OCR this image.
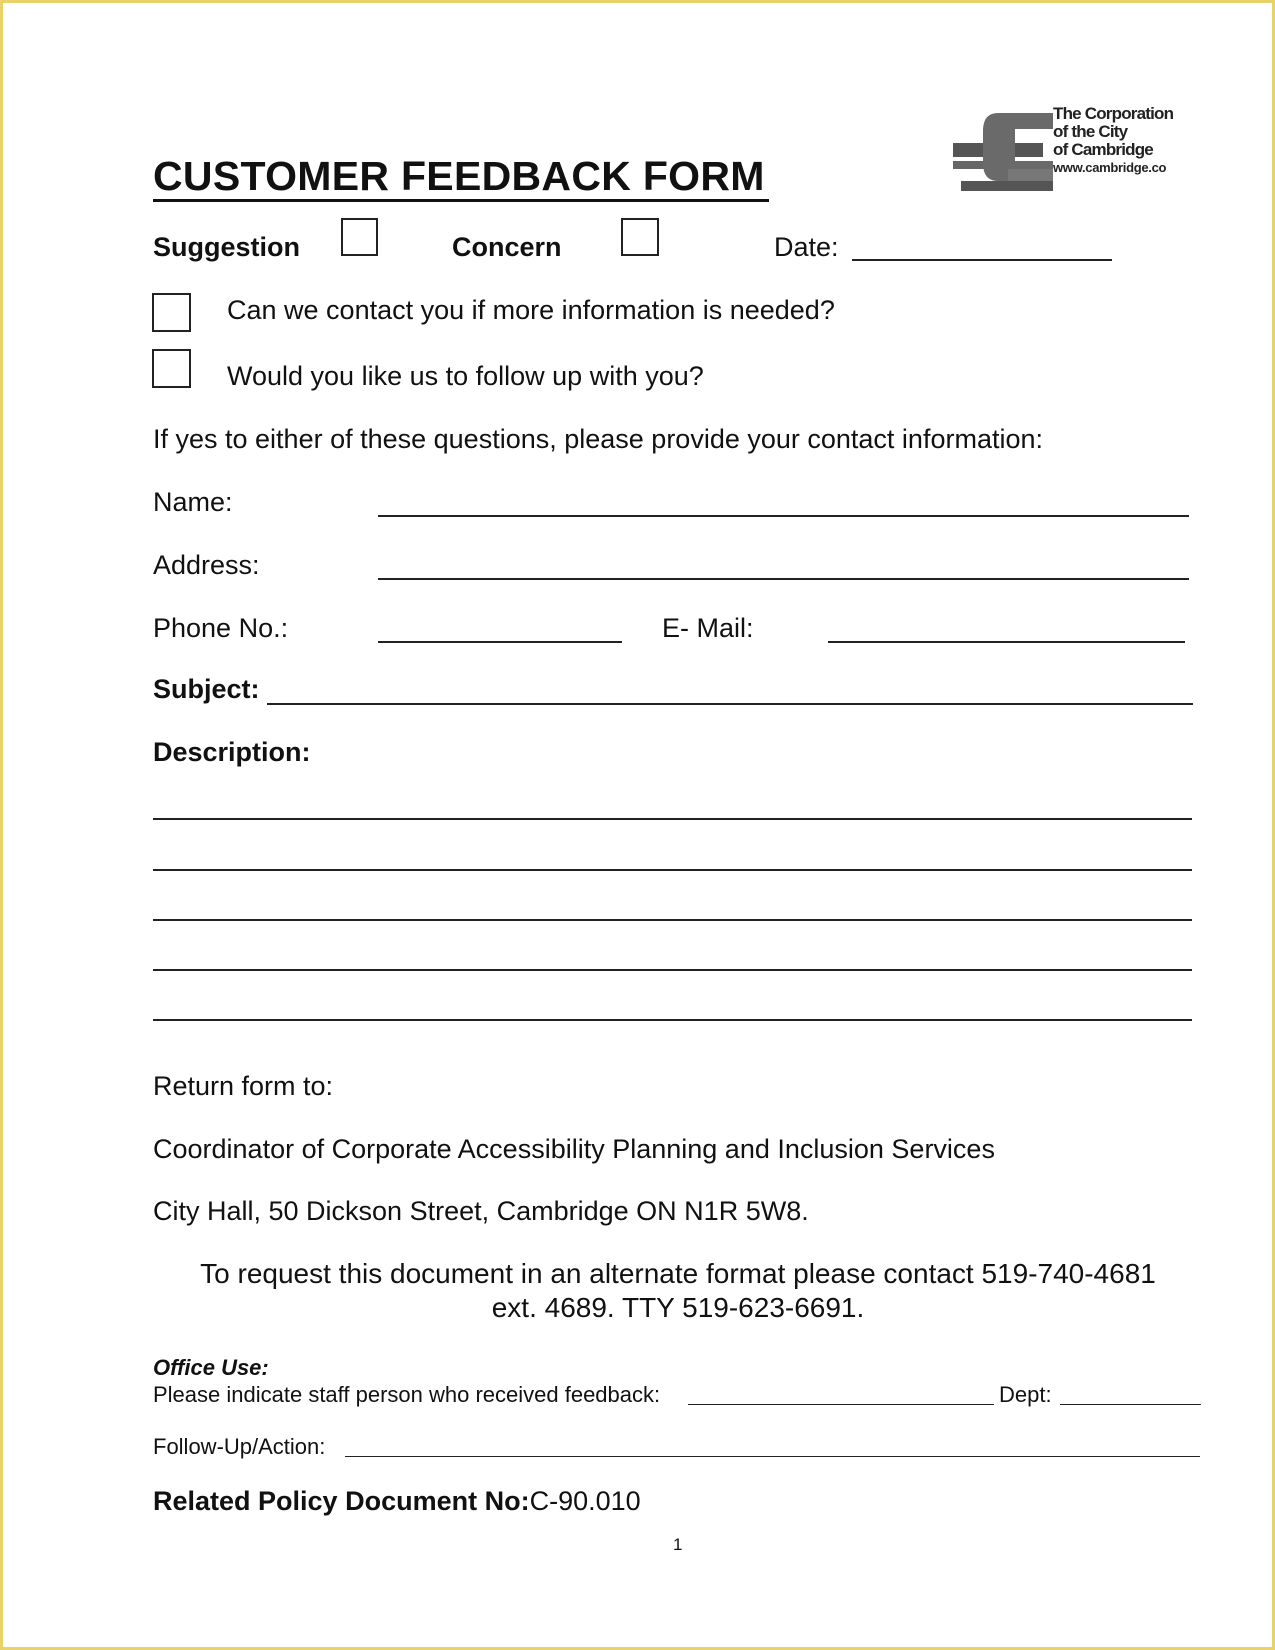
The Corporation
of the City
of Cambridge
www.cambridge.co
CUSTOMER FEEDBACK FORM
Suggestion	Concern	Date:
Can we contact you if more information is needed?
Would you like us to follow up with you?
If yes to either of these questions, please provide your contact information:
Name:
Address:
Phone No.:	E- Mail:
Subject:
Description:
Return form to:
Coordinator of Corporate Accessibility Planning and Inclusion Services
City Hall, 50 Dickson Street, Cambridge ON N1R 5W8.
To request this document in an alternate format please contact 519-740-4681
ext. 4689. TTY 519-623-6691.
Office Use:
Please indicate staff person who received feedback:	Dept:
Follow-Up/Action:
Related Policy Document No:C-90.010
1
